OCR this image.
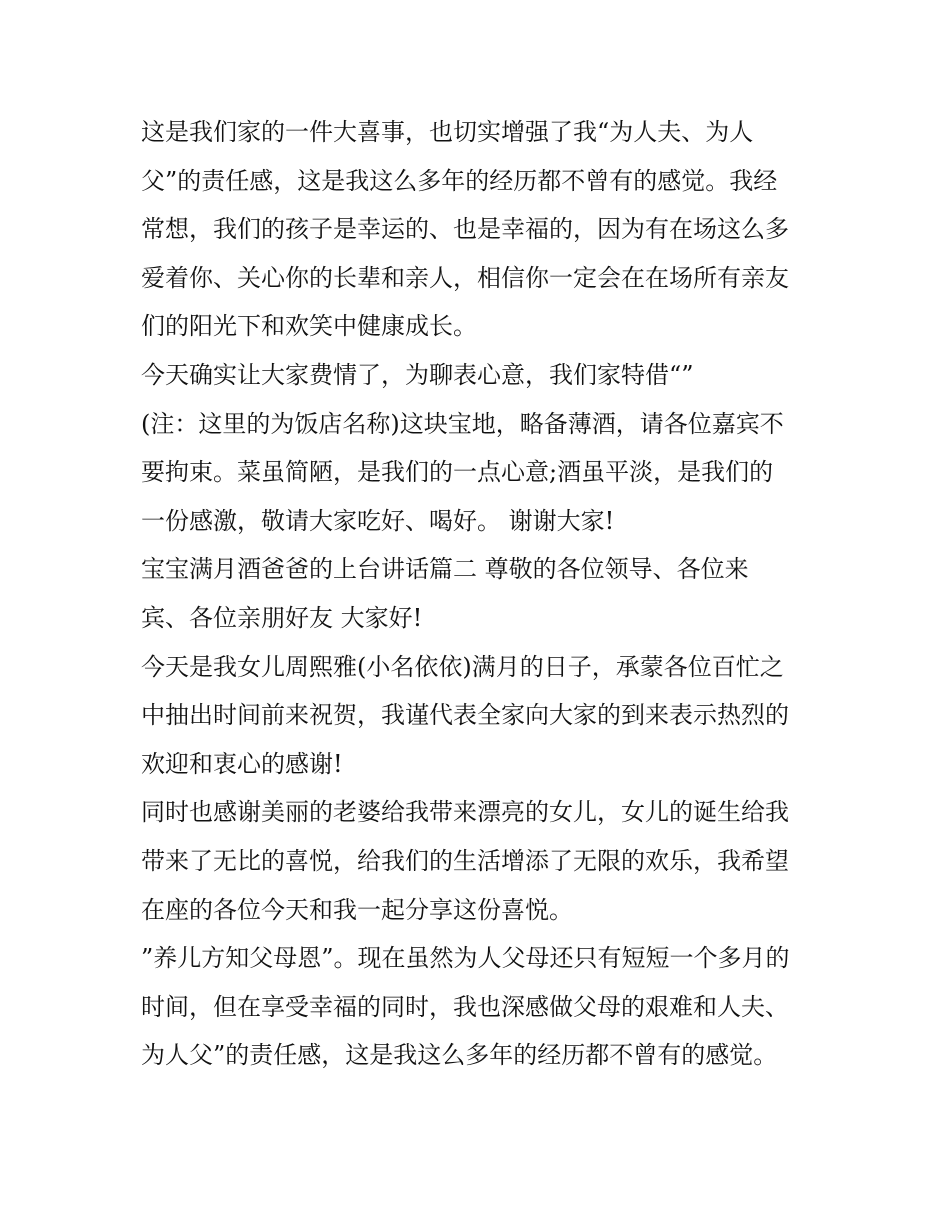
这是我们家的一件大喜事，也切实增强了我“为人夫、为人
父”的责任感，这是我这么多年的经历都不曾有的感觉。我经
常想，我们的孩子是幸运的、也是幸福的，因为有在场这么多
爱着你、关心你的长辈和亲人，相信你一定会在在场所有亲友
们的阳光下和欢笑中健康成长。
今天确实让大家费情了，为聊表心意，我们家特借“”
(注：这里的为饭店名称)这块宝地，略备薄酒，请各位嘉宾不
要拘束。菜虽简陋，是我们的一点心意;酒虽平淡，是我们的
一份感激，敬请大家吃好、喝好。 谢谢大家!
宝宝满月酒爸爸的上台讲话篇二 尊敬的各位领导、各位来
宾、各位亲朋好友 大家好!
今天是我女儿周熙雅(小名依依)满月的日子，承蒙各位百忙之
中抽出时间前来祝贺，我谨代表全家向大家的到来表示热烈的
欢迎和衷心的感谢!
同时也感谢美丽的老婆给我带来漂亮的女儿，女儿的诞生给我
带来了无比的喜悦，给我们的生活增添了无限的欢乐，我希望
在座的各位今天和我一起分享这份喜悦。
”养儿方知父母恩”。现在虽然为人父母还只有短短一个多月的
时间，但在享受幸福的同时，我也深感做父母的艰难和人夫、
为人父”的责任感，这是我这么多年的经历都不曾有的感觉。
